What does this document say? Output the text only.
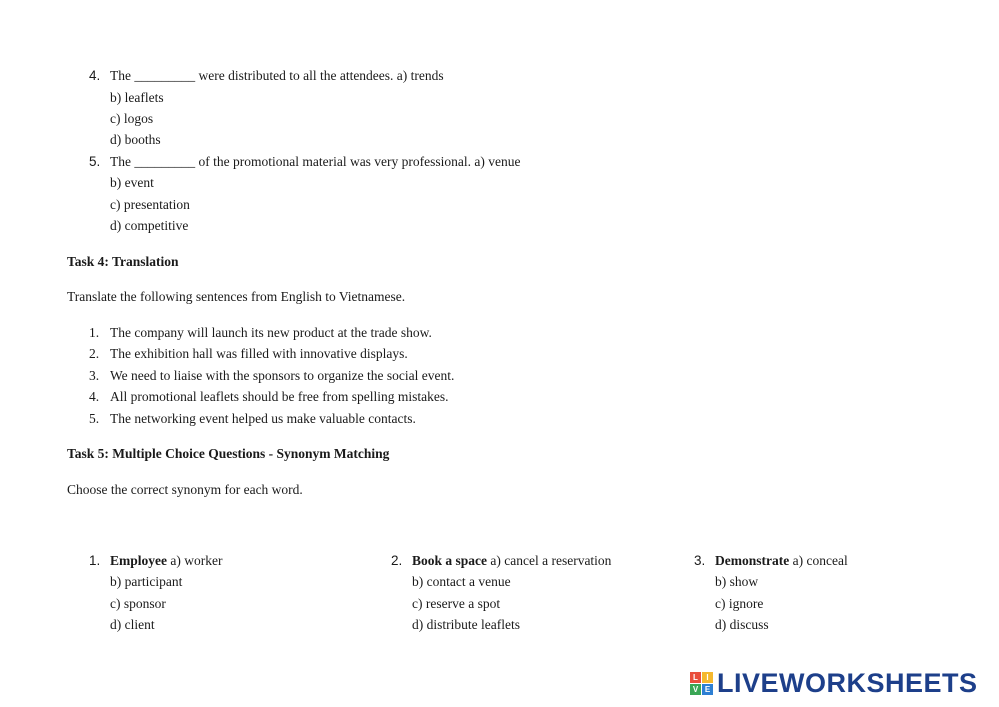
4. The _________ were distributed to all the attendees. a) trends
b) leaflets
c) logos
d) booths
5. The _________ of the promotional material was very professional. a) venue
b) event
c) presentation
d) competitive
Task 4: Translation
Translate the following sentences from English to Vietnamese.
1. The company will launch its new product at the trade show.
2. The exhibition hall was filled with innovative displays.
3. We need to liaise with the sponsors to organize the social event.
4. All promotional leaflets should be free from spelling mistakes.
5. The networking event helped us make valuable contacts.
Task 5: Multiple Choice Questions - Synonym Matching
Choose the correct synonym for each word.
1. Employee a) worker
b) participant
c) sponsor
d) client
2. Book a space a) cancel a reservation
b) contact a venue
c) reserve a spot
d) distribute leaflets
3. Demonstrate a) conceal
b) show
c) ignore
d) discuss
L	I
V E LIVEWORKSHEETS
